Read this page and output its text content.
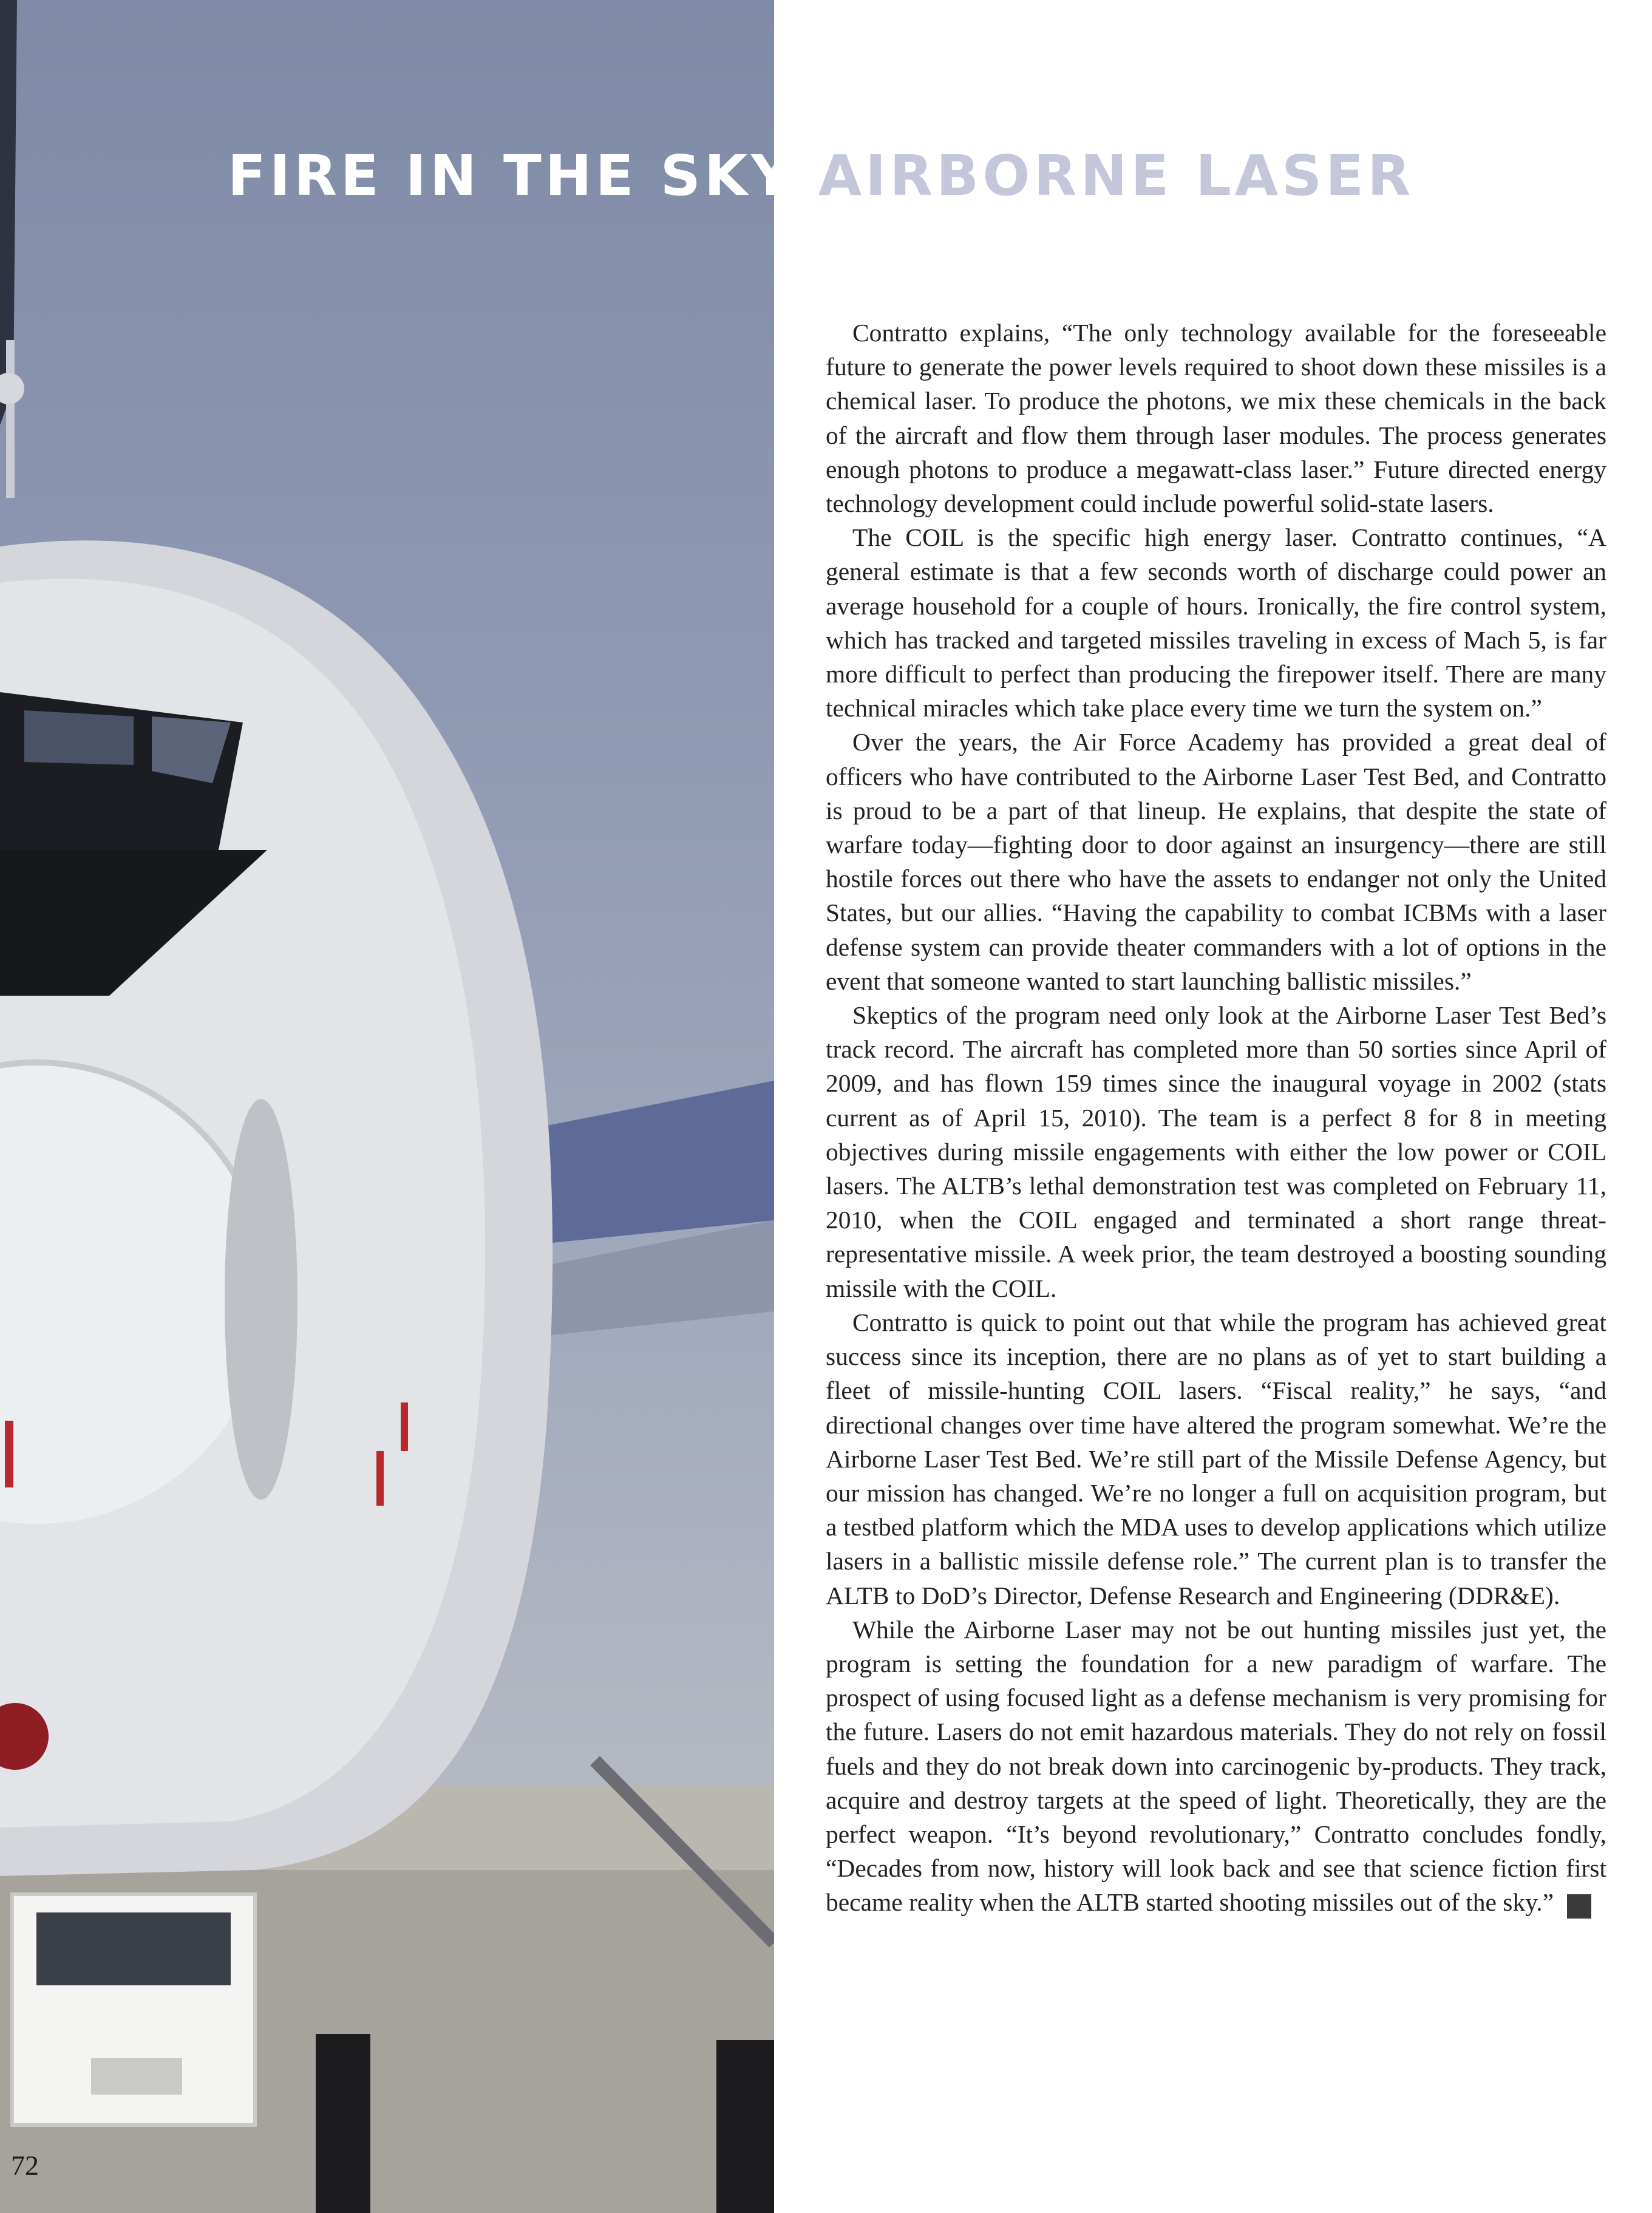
72
FIRE IN THE SKY AIRBORNE LASER

Contratto explains, “The only technology available for the foreseeable future to generate the power levels required to shoot down these missiles is a chemical laser. To produce the photons, we mix these chemicals in the back of the aircraft and flow them through laser modules. The process generates enough photons to produce a megawatt-class laser.” Future directed energy technology development could include powerful solid-state lasers.

The COIL is the specific high energy laser. Contratto continues, “A general estimate is that a few seconds worth of discharge could power an average household for a couple of hours. Ironically, the fire control system, which has tracked and targeted missiles traveling in excess of Mach 5, is far more difficult to perfect than producing the firepower itself. There are many technical miracles which take place every time we turn the system on.”

Over the years, the Air Force Academy has provided a great deal of officers who have contributed to the Airborne Laser Test Bed, and Contratto is proud to be a part of that lineup. He explains, that despite the state of warfare today—fighting door to door against an insurgency—there are still hostile forces out there who have the assets to endanger not only the United States, but our allies. “Having the capability to combat ICBMs with a laser defense system can provide theater commanders with a lot of options in the event that someone wanted to start launching ballistic missiles.”

Skeptics of the program need only look at the Airborne Laser Test Bed’s track record. The aircraft has completed more than 50 sorties since April of 2009, and has flown 159 times since the inaugural voyage in 2002 (stats current as of April 15, 2010). The team is a perfect 8 for 8 in meeting objectives during missile engagements with either the low power or COIL lasers. The ALTB’s lethal demonstration test was completed on February 11, 2010, when the COIL engaged and terminated a short range threat-representative missile. A week prior, the team destroyed a boosting sounding missile with the COIL.

Contratto is quick to point out that while the program has achieved great success since its inception, there are no plans as of yet to start building a fleet of missile-hunting COIL lasers. “Fiscal reality,” he says, “and directional changes over time have altered the program somewhat. We’re the Airborne Laser Test Bed. We’re still part of the Missile Defense Agency, but our mission has changed. We’re no longer a full on acquisition program, but a testbed platform which the MDA uses to develop applications which utilize lasers in a ballistic missile defense role.” The current plan is to transfer the ALTB to DoD’s Director, Defense Research and Engineering (DDR&E).

While the Airborne Laser may not be out hunting missiles just yet, the program is setting the foundation for a new paradigm of warfare. The prospect of using focused light as a defense mechanism is very promising for the future. Lasers do not emit hazardous materials. They do not rely on fossil fuels and they do not break down into carcinogenic by-products. They track, acquire and destroy targets at the speed of light. Theoretically, they are the perfect weapon. “It’s beyond revolutionary,” Contratto concludes fondly, “Decades from now, history will look back and see that science fiction first became reality when the ALTB started shooting missiles out of the sky.” ✓
